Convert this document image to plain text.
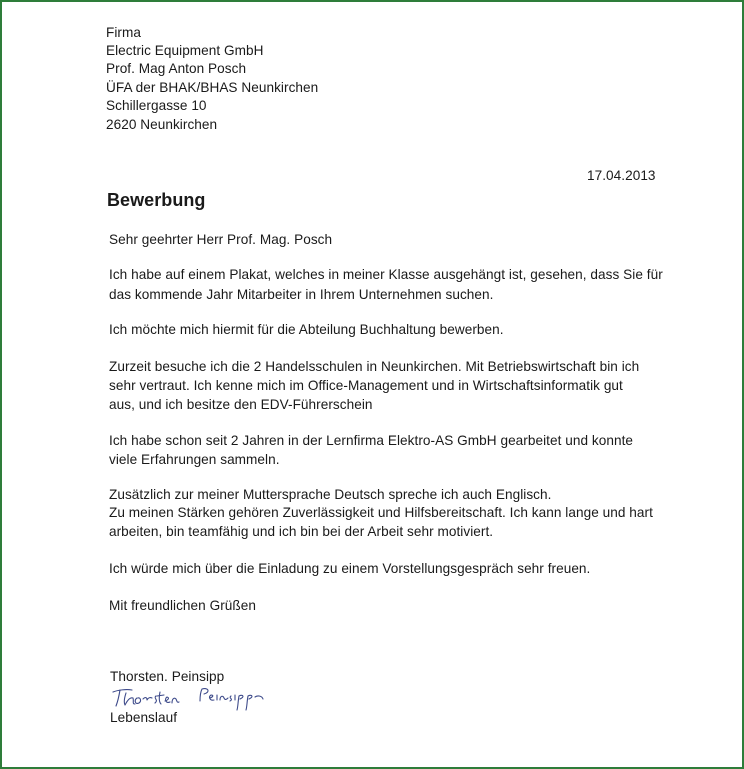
Firma
Electric Equipment GmbH
Prof. Mag Anton Posch
ÜFA der BHAK/BHAS Neunkirchen
Schillergasse 10
2620 Neunkirchen
17.04.2013
Bewerbung
Sehr geehrter Herr Prof. Mag. Posch
Ich habe auf einem Plakat, welches in meiner Klasse ausgehängt ist, gesehen, dass Sie für
das kommende Jahr Mitarbeiter in Ihrem Unternehmen suchen.
Ich möchte mich hiermit für die Abteilung Buchhaltung bewerben.
Zurzeit besuche ich die 2 Handelsschulen in Neunkirchen. Mit Betriebswirtschaft bin ich
sehr vertraut. Ich kenne mich im Office-Management und in Wirtschaftsinformatik gut
aus, und ich besitze den EDV-Führerschein
Ich habe schon seit 2 Jahren in der Lernfirma Elektro-AS GmbH gearbeitet und konnte
viele Erfahrungen sammeln.
Zusätzlich zur meiner Muttersprache Deutsch spreche ich auch Englisch.
Zu meinen Stärken gehören Zuverlässigkeit und Hilfsbereitschaft. Ich kann lange und hart
arbeiten, bin teamfähig und ich bin bei der Arbeit sehr motiviert.
Ich würde mich über die Einladung zu einem Vorstellungsgespräch sehr freuen.
Mit freundlichen Grüßen
Thorsten. Peinsipp
Lebenslauf
